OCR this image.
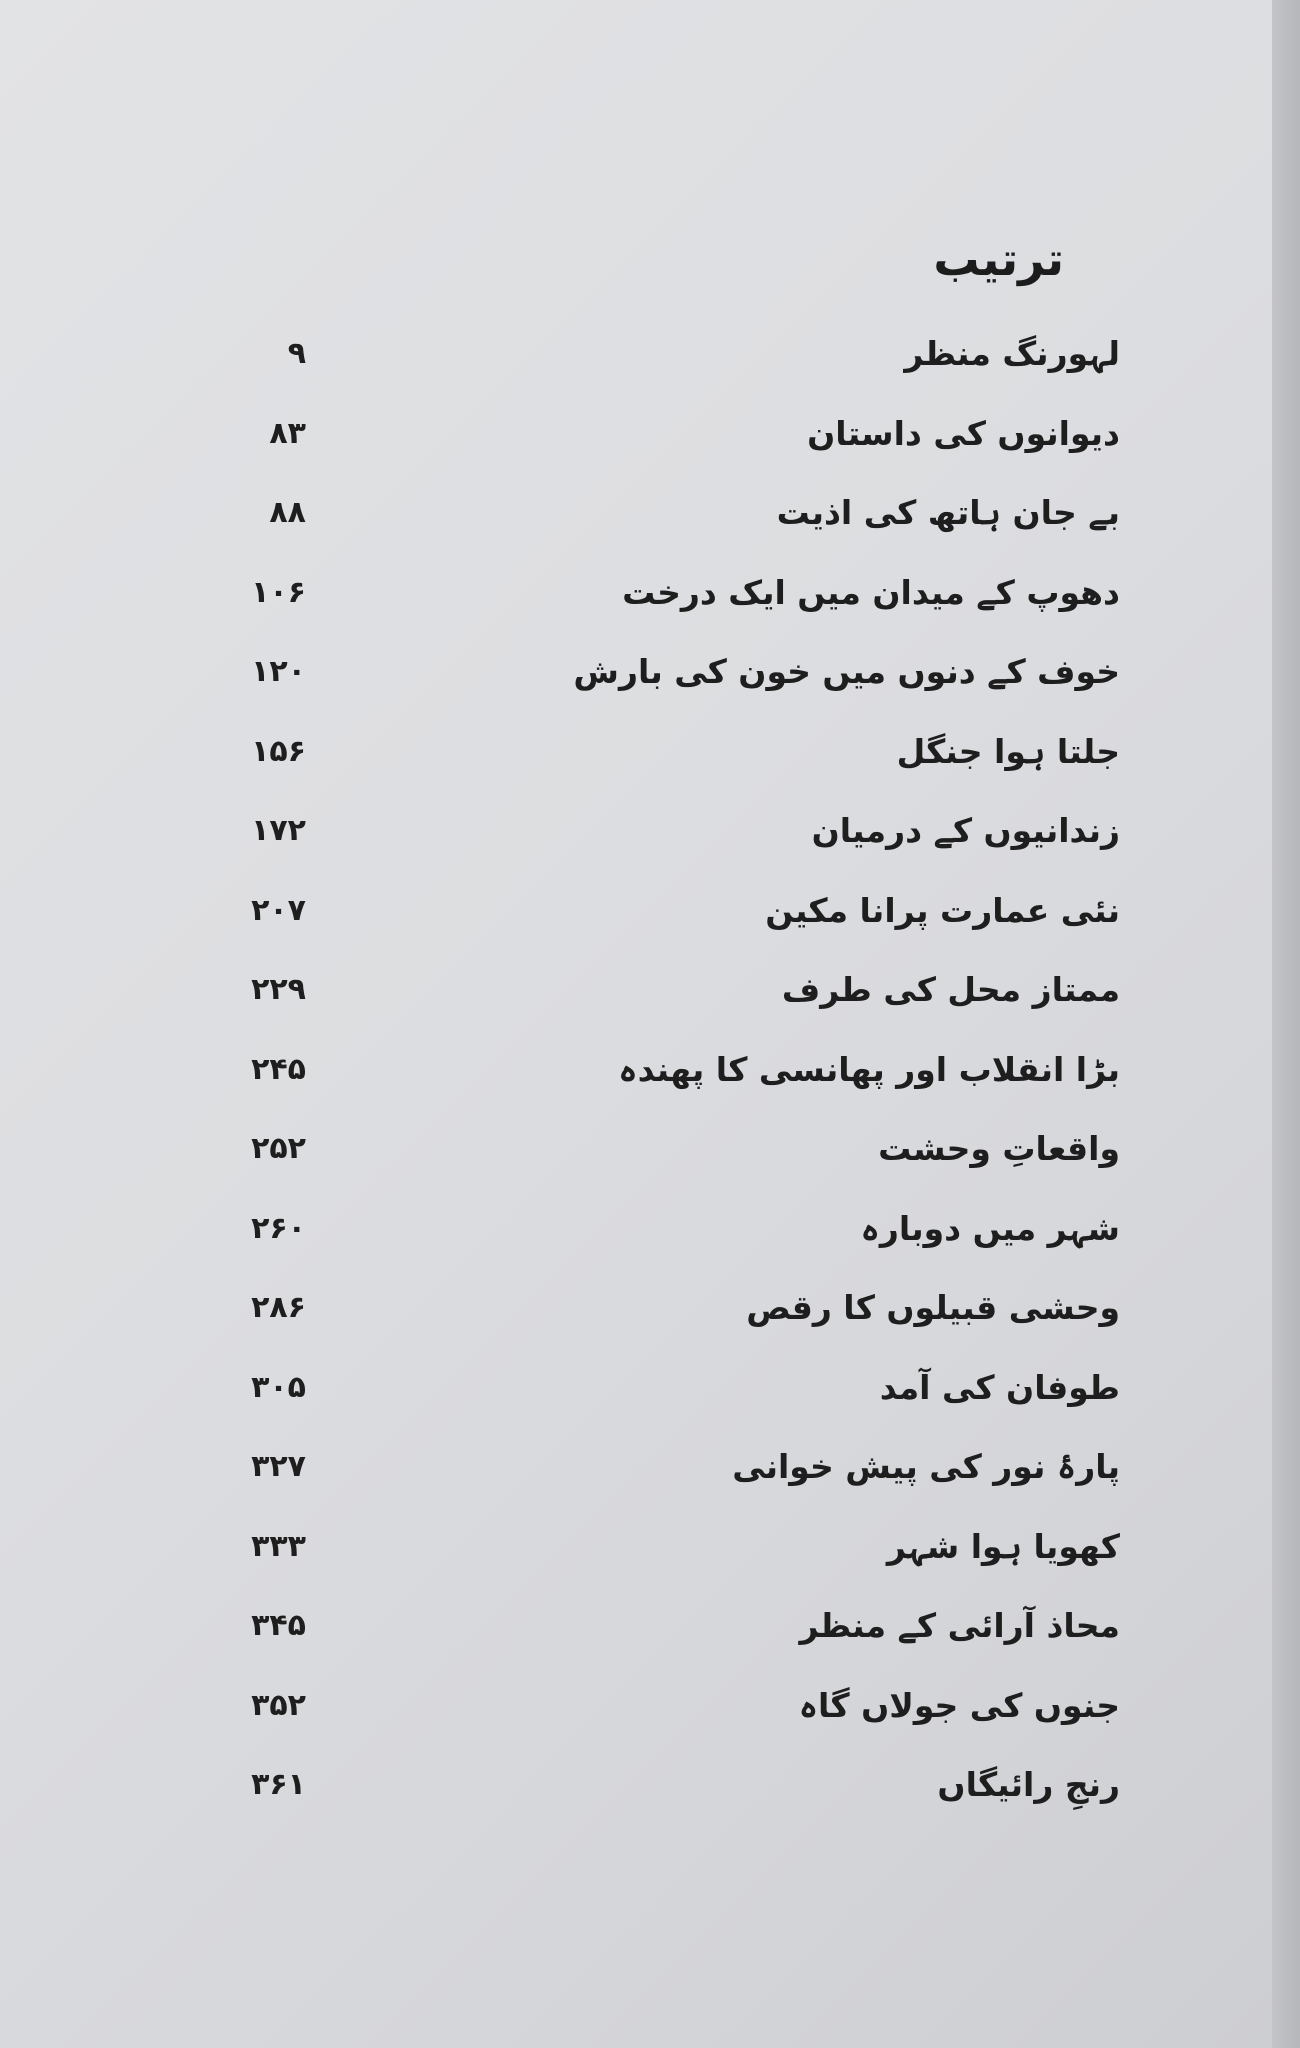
ترتیب
لہورنگ منظر
۹
دیوانوں کی داستان
۸۳
بے جان ہاتھ کی اذیت
۸۸
دھوپ کے میدان میں ایک درخت
۱۰۶
خوف کے دنوں میں خون کی بارش
۱۲۰
جلتا ہوا جنگل
۱۵۶
زندانیوں کے درمیان
۱۷۲
نئی عمارت پرانا مکین
۲۰۷
ممتاز محل کی طرف
۲۲۹
بڑا انقلاب اور پھانسی کا پھندہ
۲۴۵
واقعاتِ وحشت
۲۵۲
شہر میں دوبارہ
۲۶۰
وحشی قبیلوں کا رقص
۲۸۶
طوفان کی آمد
۳۰۵
پارۂ نور کی پیش خوانی
۳۲۷
کھویا ہوا شہر
۳۳۳
محاذ آرائی کے منظر
۳۴۵
جنوں کی جولاں گاہ
۳۵۲
رنجِ رائیگاں
۳۶۱
